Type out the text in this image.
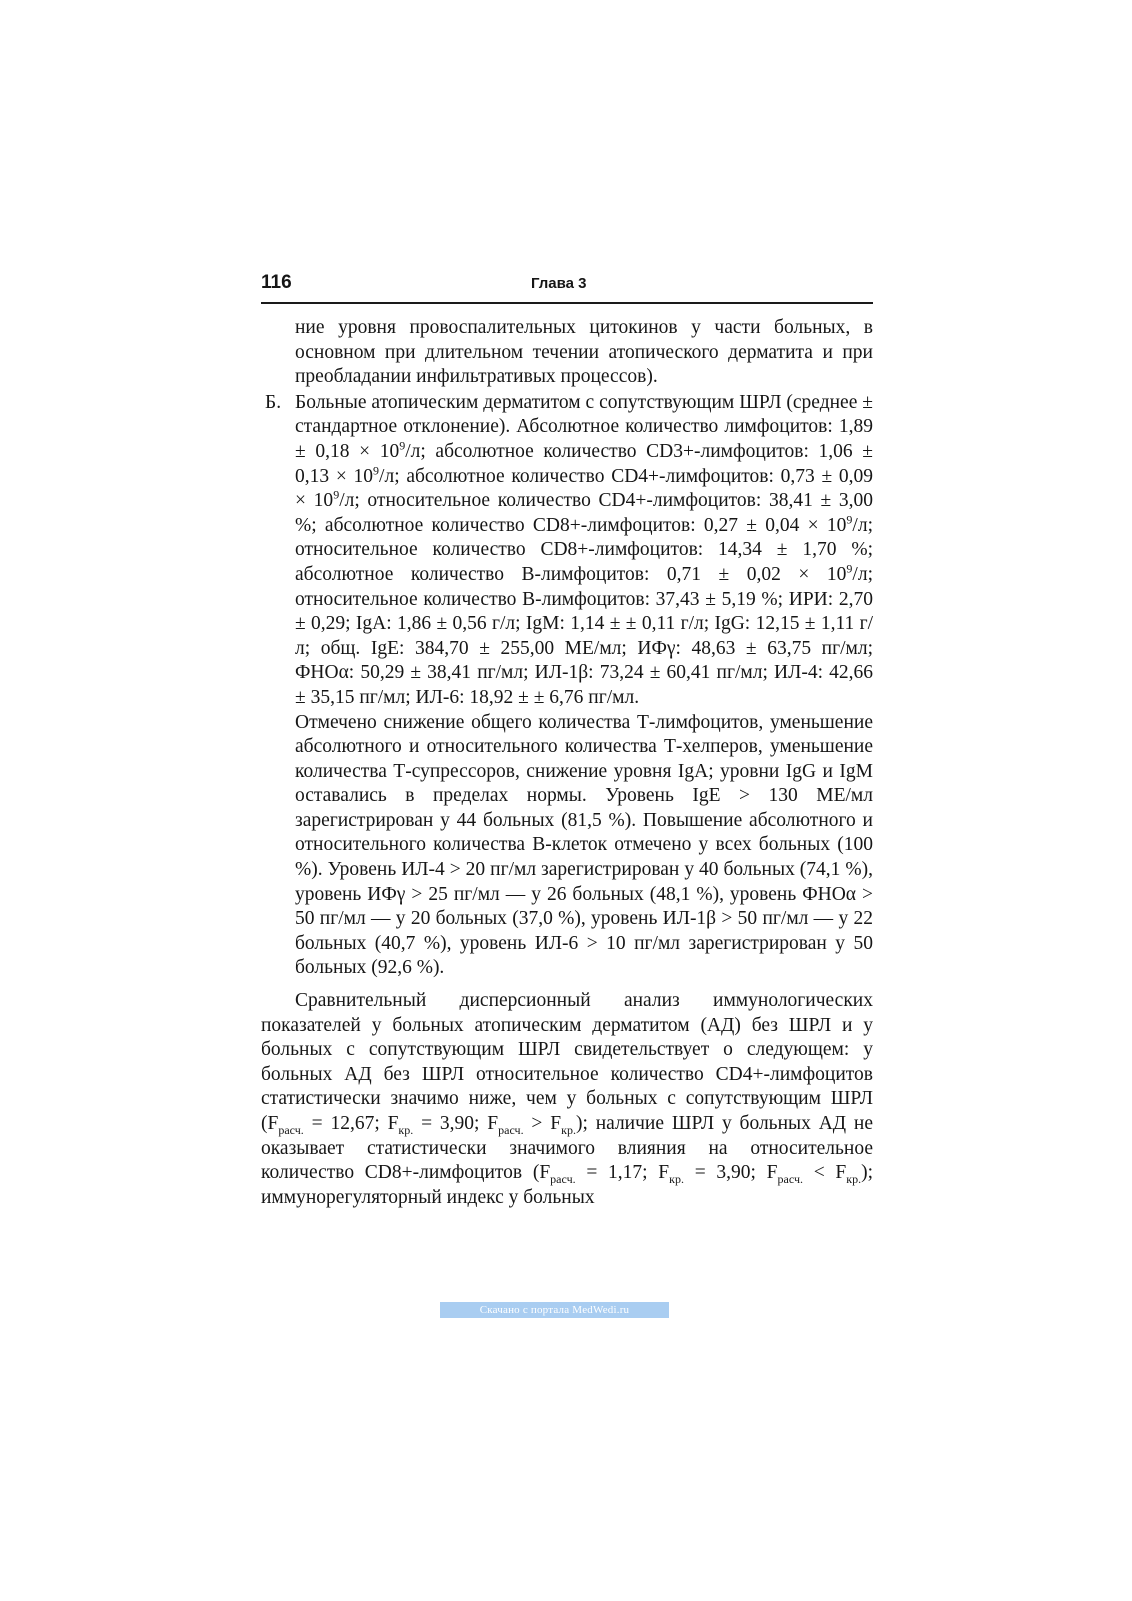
116	Глава 3

ние уровня провоспалительных цитокинов у части больных, в основном при длительном течении атопического дерматита и при преобладании инфильтративых процессов).

Б. Больные атопическим дерматитом с сопутствующим ШРЛ (среднее ± стандартное отклонение). Абсолютное количество лимфоцитов: $1,89 \pm 0,18 \times 10^9/л$; абсолютное количество CD3+-лимфоцитов: $1,06 \pm 0,13 \times 10^9/л$; абсолютное количество CD4+-лимфоцитов: $0,73 \pm 0,09 \times 10^9/л$; относительное количество CD4+-лимфоцитов: 38,41 ± 3,00 %; абсолютное количество CD8+-лимфоцитов: $0,27 \pm 0,04 \times 10^9/л$; относительное количество CD8+-лимфоцитов: 14,34 ± 1,70 %; абсолютное количество В-лимфоцитов: $0,71 \pm 0,02 \times 10^9/л$; относительное количество В-лимфоцитов: 37,43 ± 5,19 %; ИРИ: 2,70 ± 0,29; IgA: 1,86 ± 0,56 г/л; IgM: 1,14 ± ± 0,11 г/л; IgG: 12,15 ± 1,11 г/л; общ. IgE: 384,70 ± 255,00 МЕ/мл; ИФγ: 48,63 ± 63,75 пг/мл; ФНОα: 50,29 ± 38,41 пг/мл; ИЛ-1β: 73,24 ± 60,41 пг/мл; ИЛ-4: 42,66 ± 35,15 пг/мл; ИЛ-6: 18,92 ± ± 6,76 пг/мл.

Отмечено снижение общего количества Т-лимфоцитов, уменьшение абсолютного и относительного количества Т-хелперов, уменьшение количества Т-супрессоров, снижение уровня IgA; уровни IgG и IgM оставались в пределах нормы. Уровень IgE > 130 МЕ/мл зарегистрирован у 44 больных (81,5 %). Повышение абсолютного и относительного количества В-клеток отмечено у всех больных (100 %). Уровень ИЛ-4 > 20 пг/мл зарегистрирован у 40 больных (74,1 %), уровень ИФγ > 25 пг/мл — у 26 больных (48,1 %), уровень ФНОα > 50 пг/мл — у 20 больных (37,0 %), уровень ИЛ-1β > 50 пг/мл — у 22 больных (40,7 %), уровень ИЛ-6 > 10 пг/мл зарегистрирован у 50 больных (92,6 %).

Сравнительный дисперсионный анализ иммунологических показателей у больных атопическим дерматитом (АД) без ШРЛ и у больных с сопутствующим ШРЛ свидетельствует о следующем: у больных АД без ШРЛ относительное количество CD4+-лимфоцитов статистически значимо ниже, чем у больных с сопутствующим ШРЛ ($F_{расч.} = 12,67$; $F_{кр.} = 3,90$; $F_{расч.} > F_{кр.}$); наличие ШРЛ у больных АД не оказывает статистически значимого влияния на относительное количество CD8+-лимфоцитов ($F_{расч.} = 1,17$; $F_{кр.} = 3,90$; $F_{расч.} < F_{кр.}$); иммунорегуляторный индекс у больных

Скачано с портала MedWedi.ru
